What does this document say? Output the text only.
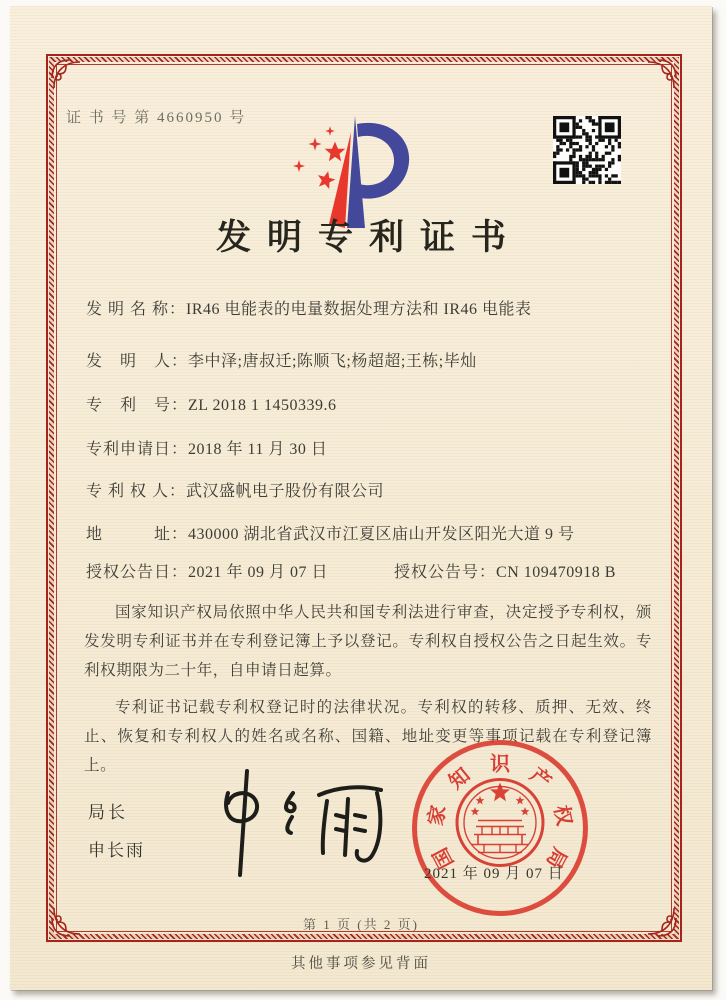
证 书 号 第 4660950 号
发明专利证书
发 明 名 称：IR46 电能表的电量数据处理方法和 IR46 电能表
发　明　人：李中泽;唐叔迁;陈顺飞;杨超超;王栋;毕灿
专　利　号：ZL 2018 1 1450339.6
专利申请日：2018 年 11 月 30 日
专 利 权 人：武汉盛帆电子股份有限公司
地　　　址：430000 湖北省武汉市江夏区庙山开发区阳光大道 9 号
授权公告日：2021 年 09 月 07 日	授权公告号：CN 109470918 B

国家知识产权局依照中华人民共和国专利法进行审查，决定授予专利权，颁发发明专利证书并在专利登记簿上予以登记。专利权自授权公告之日起生效。专利权期限为二十年，自申请日起算。

专利证书记载专利权登记时的法律状况。专利权的转移、质押、无效、终止、恢复和专利权人的姓名或名称、国籍、地址变更等事项记载在专利登记簿上。

局长
申长雨	国
家
知 识 产
权
局
2021 年 09 月 07 日
第 1 页 (共 2 页)
其他事项参见背面
